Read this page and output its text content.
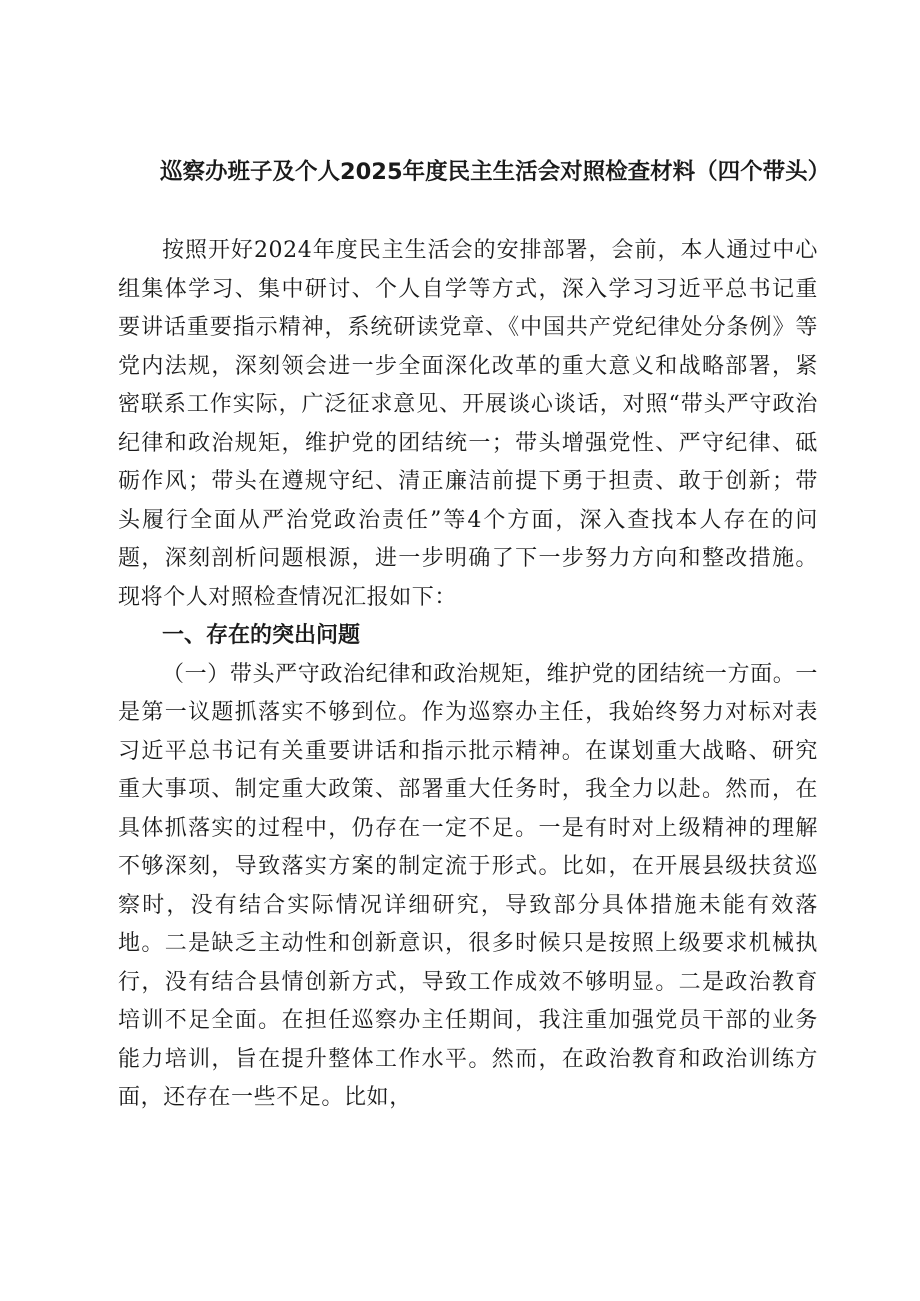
巡察办班子及个人2025年度民主生活会对照检查材料（四个带头）

按照开好2024年度民主生活会的安排部署，会前，本人通过中心组集体学习、集中研讨、个人自学等方式，深入学习习近平总书记重要讲话重要指示精神，系统研读党章、《中国共产党纪律处分条例》等党内法规，深刻领会进一步全面深化改革的重大意义和战略部署，紧密联系工作实际，广泛征求意见、开展谈心谈话，对照“带头严守政治纪律和政治规矩，维护党的团结统一；带头增强党性、严守纪律、砥砺作风；带头在遵规守纪、清正廉洁前提下勇于担责、敢于创新；带头履行全面从严治党政治责任”等4个方面，深入查找本人存在的问题，深刻剖析问题根源，进一步明确了下一步努力方向和整改措施。现将个人对照检查情况汇报如下：

一、存在的突出问题

（一）带头严守政治纪律和政治规矩，维护党的团结统一方面。一是第一议题抓落实不够到位。作为巡察办主任，我始终努力对标对表习近平总书记有关重要讲话和指示批示精神。在谋划重大战略、研究重大事项、制定重大政策、部署重大任务时，我全力以赴。然而，在具体抓落实的过程中，仍存在一定不足。一是有时对上级精神的理解不够深刻，导致落实方案的制定流于形式。比如，在开展县级扶贫巡察时，没有结合实际情况详细研究，导致部分具体措施未能有效落地。二是缺乏主动性和创新意识，很多时候只是按照上级要求机械执行，没有结合县情创新方式，导致工作成效不够明显。二是政治教育培训不足全面。在担任巡察办主任期间，我注重加强党员干部的业务能力培训，旨在提升整体工作水平。然而，在政治教育和政治训练方面，还存在一些不足。比如，
